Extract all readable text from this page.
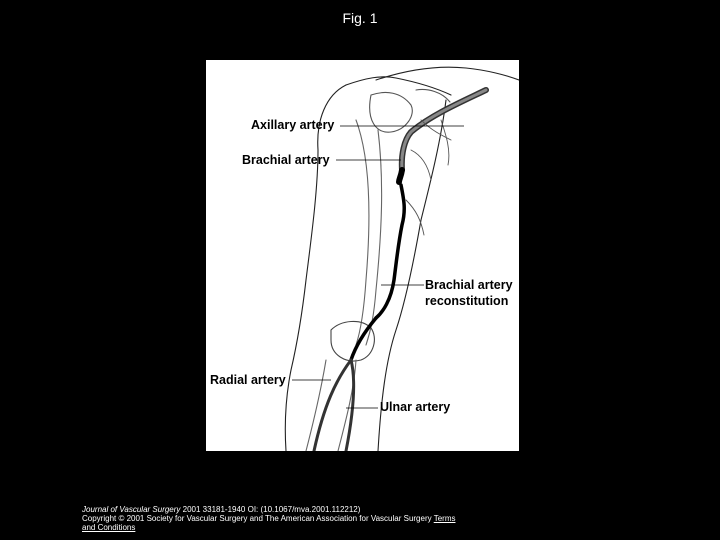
Fig. 1
Axillary artery
Brachial artery
Brachial artery
reconstitution
Radial artery
Ulnar artery
Journal of Vascular Surgery 2001 33181-1940 OI: (10.1067/mva.2001.112212)
Copyright © 2001 Society for Vascular Surgery and The American Association for Vascular Surgery Terms
and Conditions
